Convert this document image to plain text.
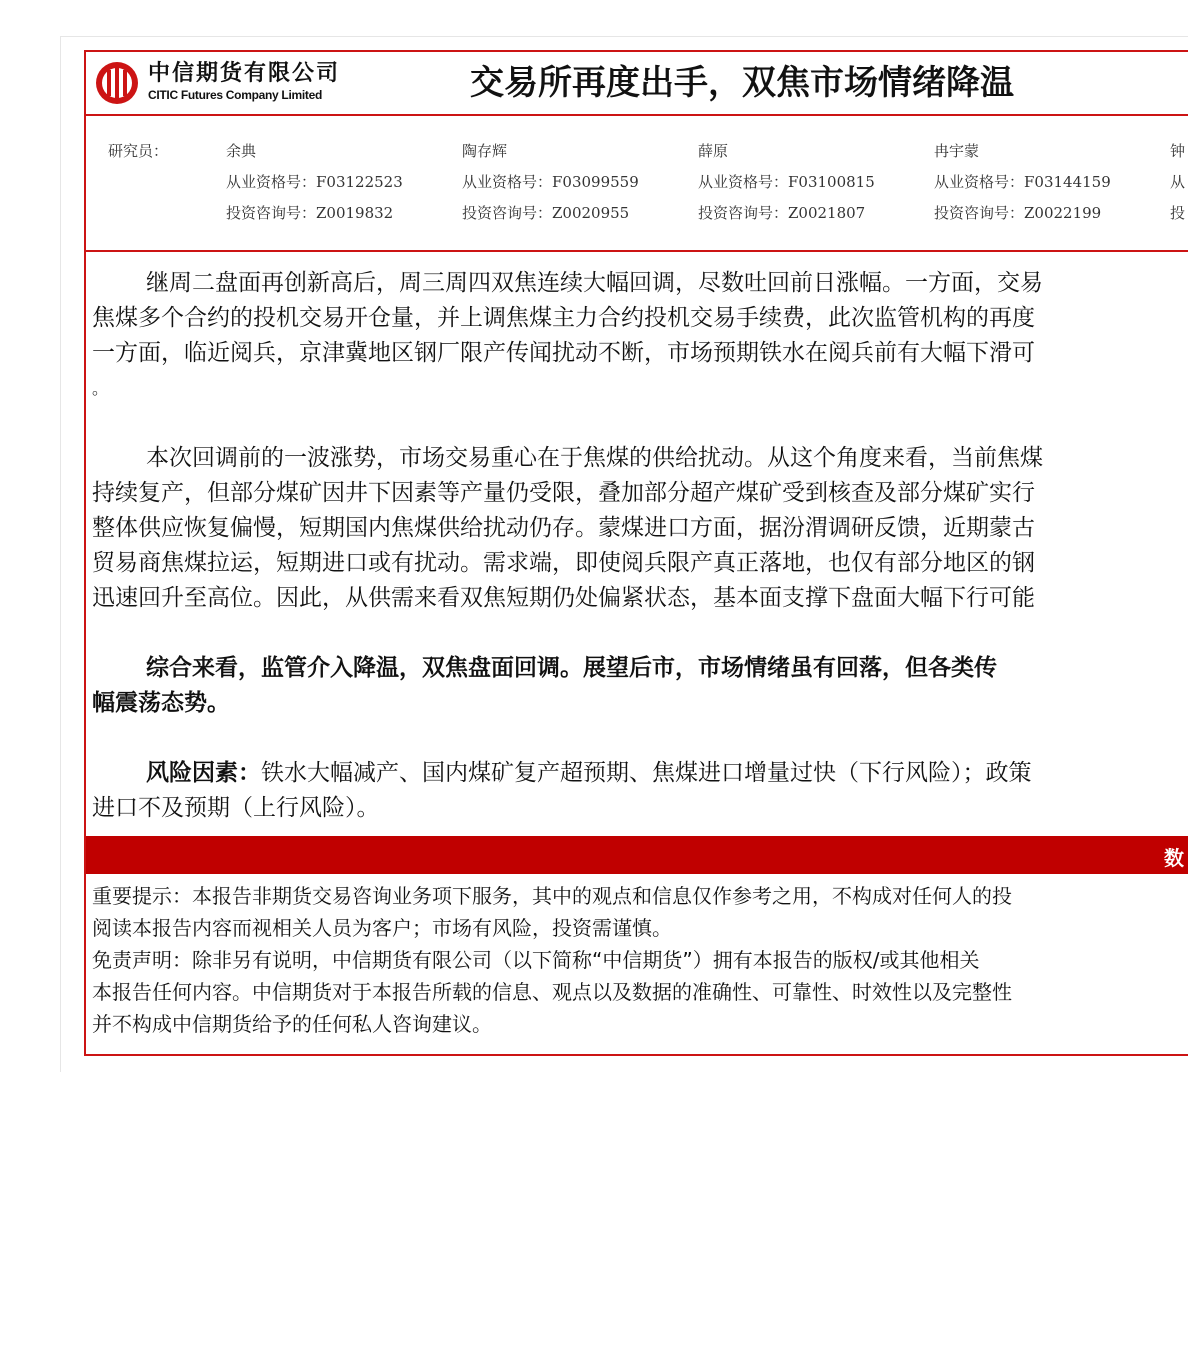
中信期货有限公司
CITIC Futures Company Limited	交易所再度出手，双焦市场情绪降温
研究员：	余典
从业资格号：F03122523
投资咨询号：Z0019832
陶存辉
从业资格号：F03099559
投资咨询号：Z0020955
薛原
从业资格号：F03100815
投资咨询号：Z0021807
冉宇蒙
从业资格号：F03144159
投资咨询号：Z0022199
钟
从
投

继周二盘面再创新高后，周三周四双焦连续大幅回调，尽数吐回前日涨幅。一方面，交易
焦煤多个合约的投机交易开仓量，并上调焦煤主力合约投机交易手续费，此次监管机构的再度
一方面，临近阅兵，京津冀地区钢厂限产传闻扰动不断，市场预期铁水在阅兵前有大幅下滑可
。

本次回调前的一波涨势，市场交易重心在于焦煤的供给扰动。从这个角度来看，当前焦煤
持续复产，但部分煤矿因井下因素等产量仍受限，叠加部分超产煤矿受到核查及部分煤矿实行
整体供应恢复偏慢，短期国内焦煤供给扰动仍存。蒙煤进口方面，据汾渭调研反馈，近期蒙古
贸易商焦煤拉运，短期进口或有扰动。需求端，即使阅兵限产真正落地，也仅有部分地区的钢
迅速回升至高位。因此，从供需来看双焦短期仍处偏紧状态，基本面支撑下盘面大幅下行可能

综合来看，监管介入降温，双焦盘面回调。展望后市，市场情绪虽有回落，但各类传
幅震荡态势。

风险因素：铁水大幅减产、国内煤矿复产超预期、焦煤进口增量过快（下行风险）；政策
进口不及预期（上行风险）。

数
重要提示：本报告非期货交易咨询业务项下服务，其中的观点和信息仅作参考之用，不构成对任何人的投
阅读本报告内容而视相关人员为客户；市场有风险，投资需谨慎。
免责声明：除非另有说明，中信期货有限公司（以下简称“中信期货”）拥有本报告的版权/或其他相关
本报告任何内容。中信期货对于本报告所载的信息、观点以及数据的准确性、可靠性、时效性以及完整性
并不构成中信期货给予的任何私人咨询建议。
